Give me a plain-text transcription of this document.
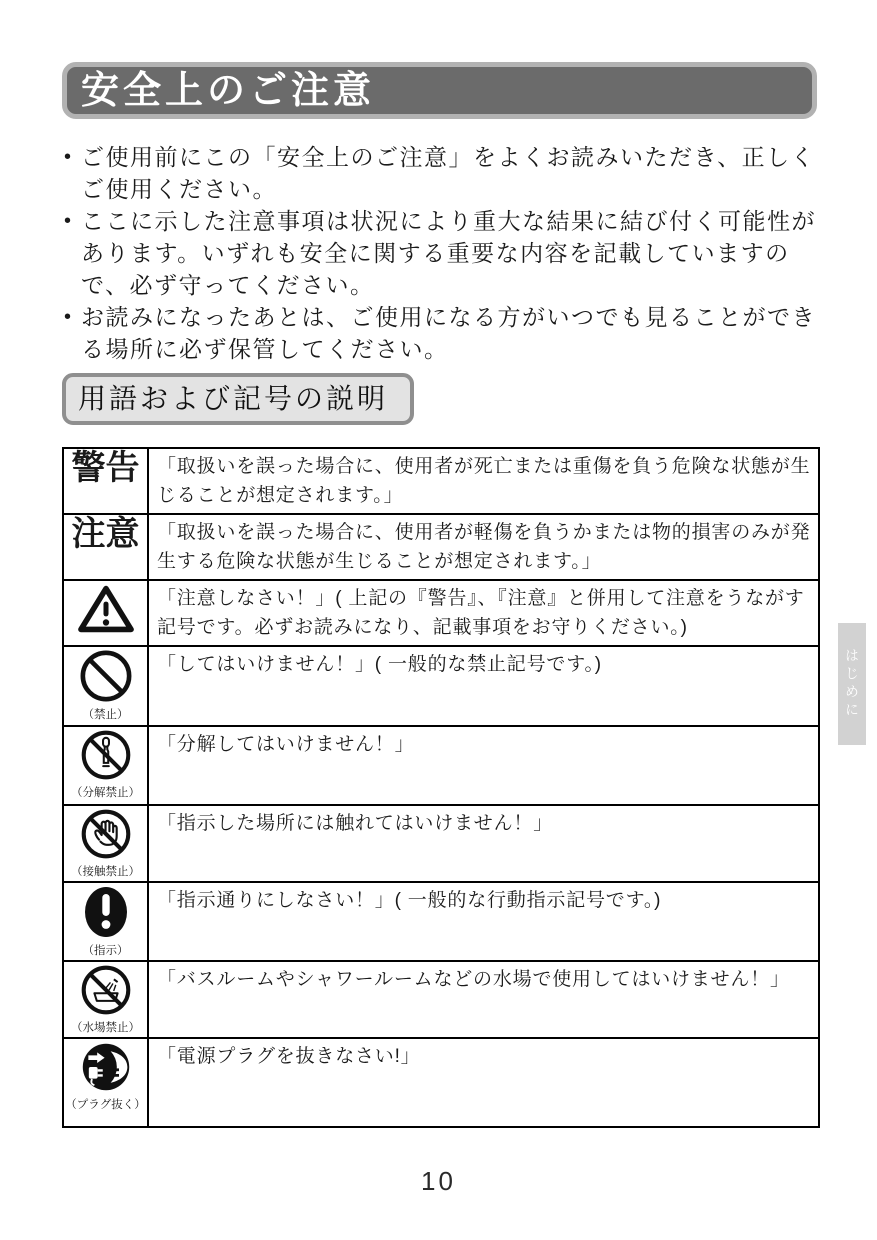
安全上のご注意
• ご使用前にこの「安全上のご注意」をよくお読みいただき、正しくご使用ください。
• ここに示した注意事項は状況により重大な結果に結び付く可能性があります。いずれも安全に関する重要な内容を記載していますので、必ず守ってください。
• お読みになったあとは、ご使用になる方がいつでも見ることができる場所に必ず保管してください。
用語および記号の説明
警告	「取扱いを誤った場合に、使用者が死亡または重傷を負う危険な状態が生じることが想定されます。」

注意	「取扱いを誤った場合に、使用者が軽傷を負うかまたは物的損害のみが発生する危険な状態が生じることが想定されます。」

	「注意しなさい！」( 上記の『警告』、『注意』と併用して注意をうながす記号です。必ずお読みになり、記載事項をお守りください。)

（禁止）	「してはいけません！」( 一般的な禁止記号です。)

（分解禁止）	「分解してはいけません！」

（接触禁止）	「指示した場所には触れてはいけません！」

（指示）	「指示通りにしなさい！」( 一般的な行動指示記号です。)

（水場禁止）	「バスルームやシャワールームなどの水場で使用してはいけません！」

（プラグ抜く）	「電源プラグを抜きなさい!」
はじめに
10
